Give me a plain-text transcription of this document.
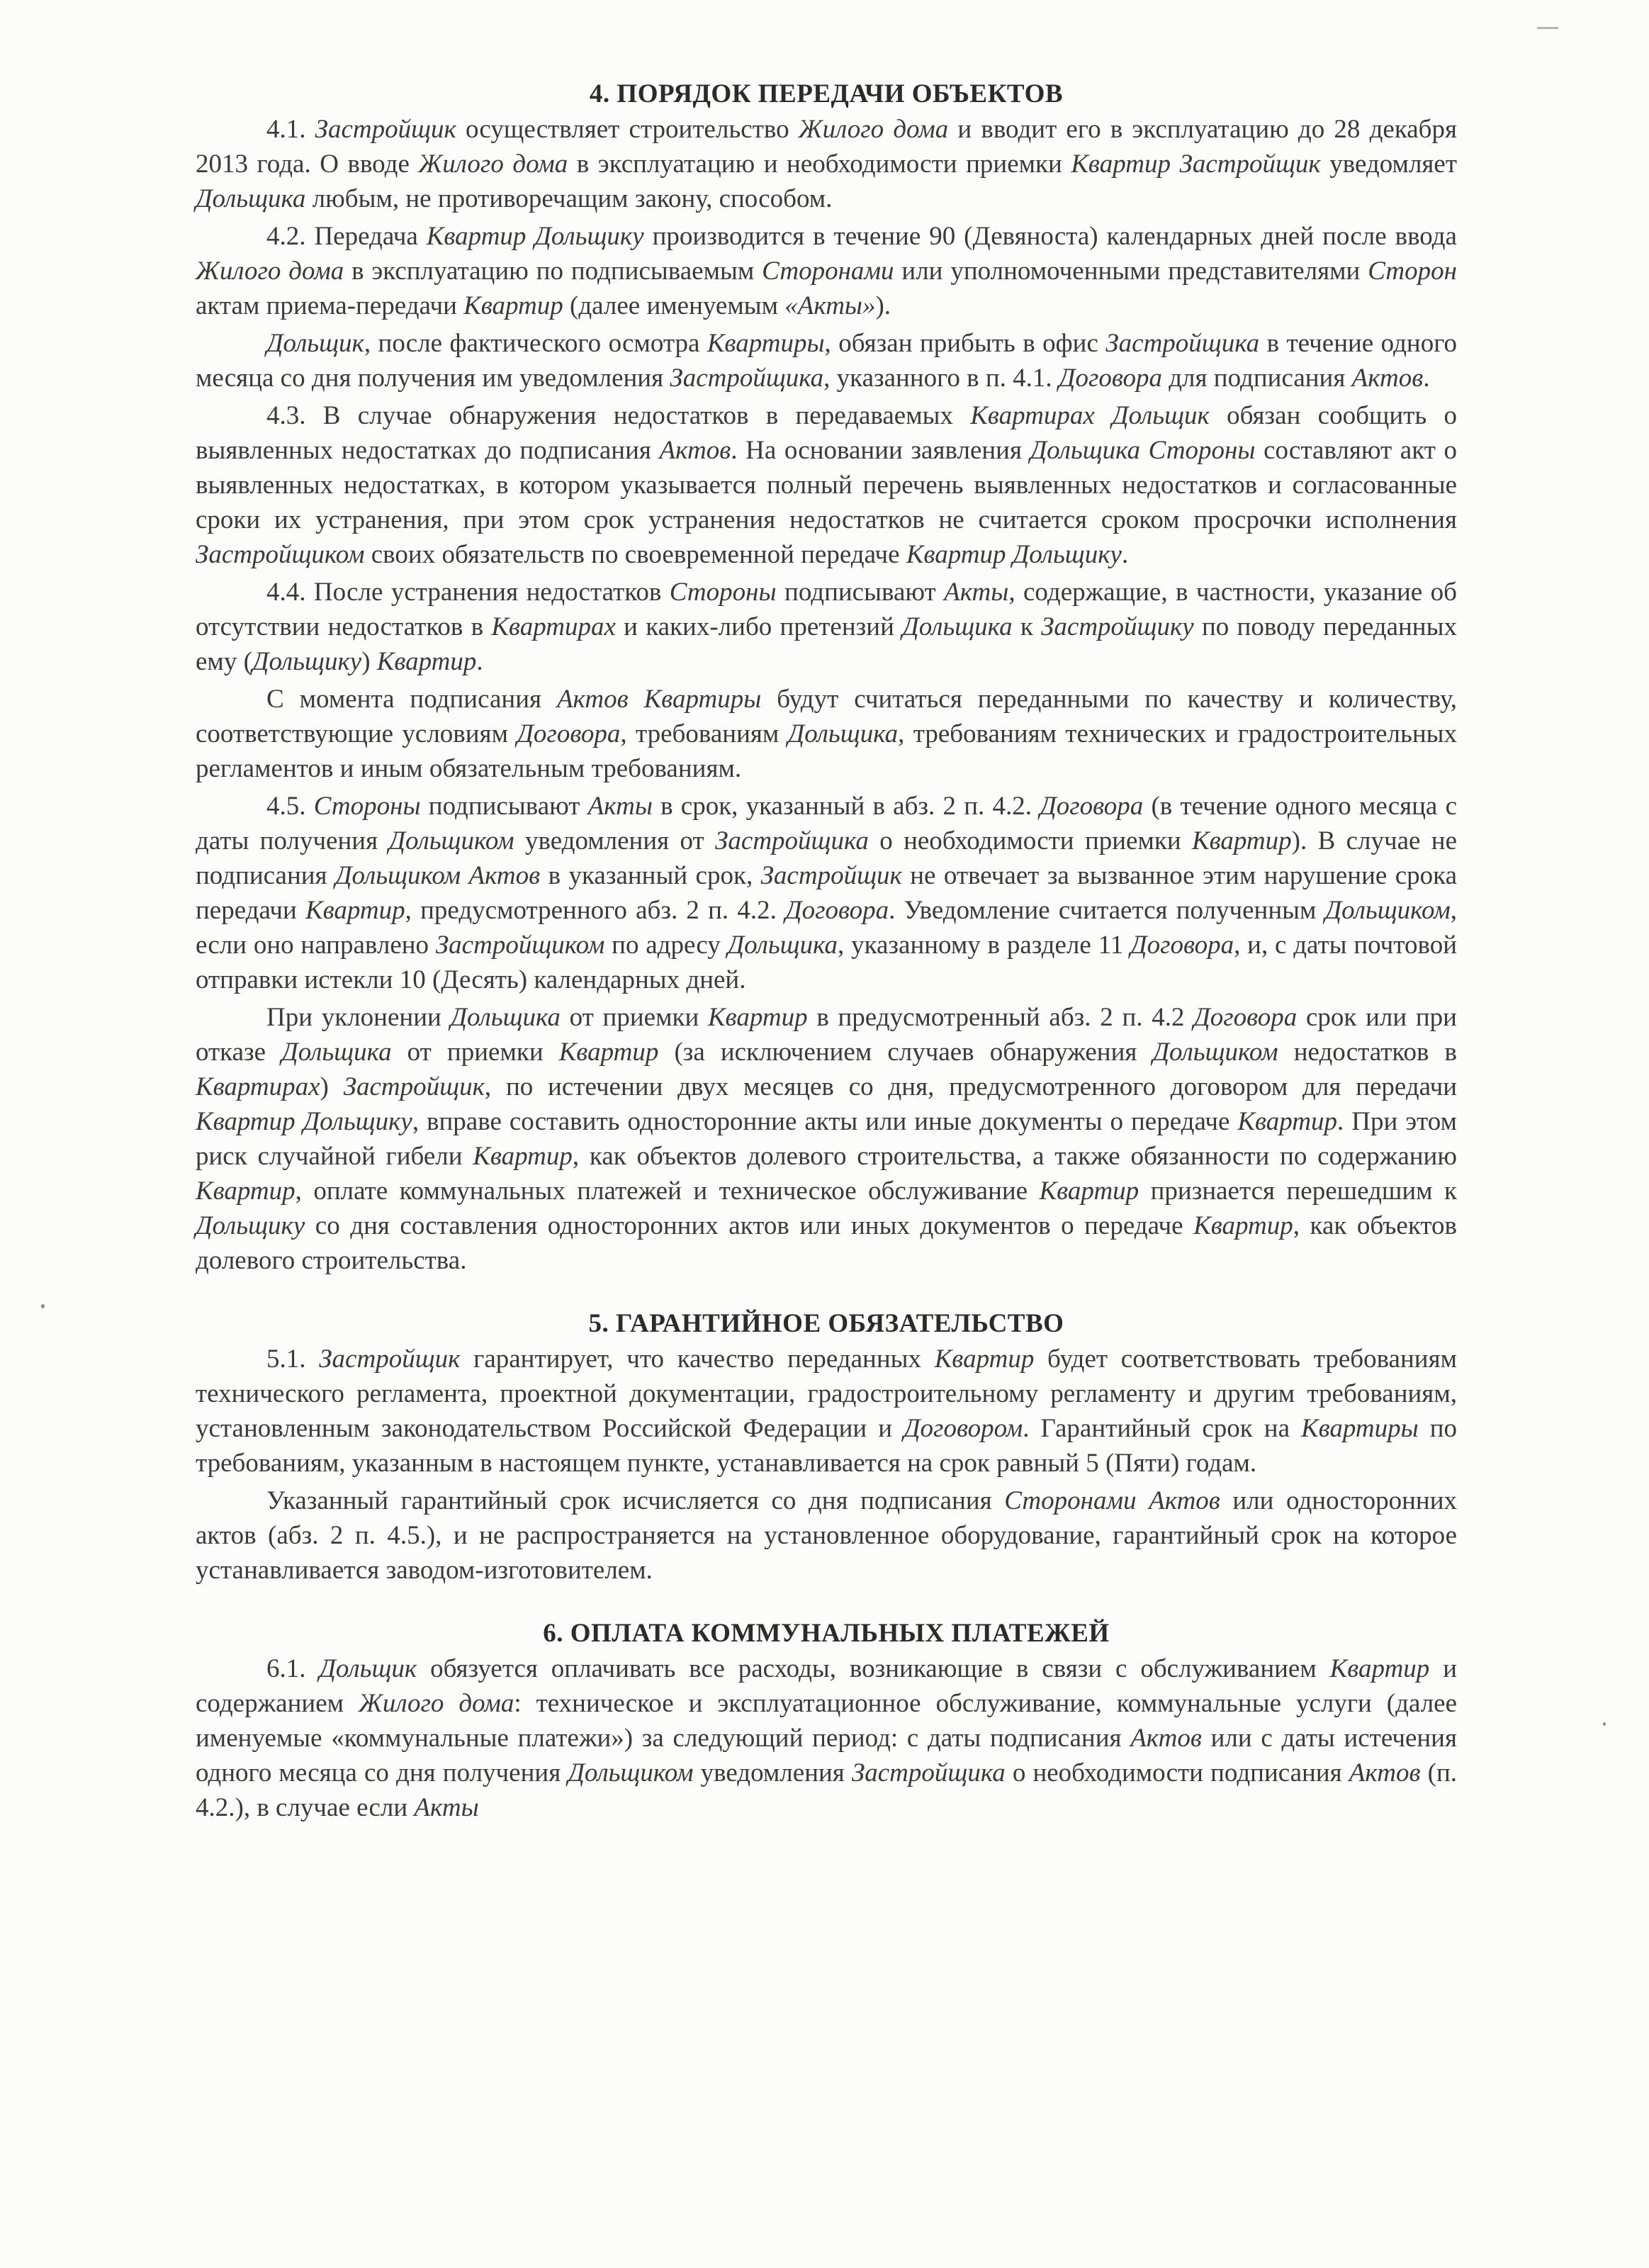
4. ПОРЯДОК ПЕРЕДАЧИ ОБЪЕКТОВ

4.1. Застройщик осуществляет строительство Жилого дома и вводит его в эксплуатацию до 28 декабря 2013 года. О вводе Жилого дома в эксплуатацию и необходимости приемки Квартир Застройщик уведомляет Дольщика любым, не противоречащим закону, способом.

4.2. Передача Квартир Дольщику производится в течение 90 (Девяноста) календарных дней после ввода Жилого дома в эксплуатацию по подписываемым Сторонами или уполномоченными представителями Сторон актам приема-передачи Квартир (далее именуемым «Акты»).

Дольщик, после фактического осмотра Квартиры, обязан прибыть в офис Застройщика в течение одного месяца со дня получения им уведомления Застройщика, указанного в п. 4.1. Договора для подписания Актов.

4.3. В случае обнаружения недостатков в передаваемых Квартирах Дольщик обязан сообщить о выявленных недостатках до подписания Актов. На основании заявления Дольщика Стороны составляют акт о выявленных недостатках, в котором указывается полный перечень выявленных недостатков и согласованные сроки их устранения, при этом срок устранения недостатков не считается сроком просрочки исполнения Застройщиком своих обязательств по своевременной передаче Квартир Дольщику.

4.4. После устранения недостатков Стороны подписывают Акты, содержащие, в частности, указание об отсутствии недостатков в Квартирах и каких-либо претензий Дольщика к Застройщику по поводу переданных ему (Дольщику) Квартир.

С момента подписания Актов Квартиры будут считаться переданными по качеству и количеству, соответствующие условиям Договора, требованиям Дольщика, требованиям технических и градостроительных регламентов и иным обязательным требованиям.

4.5. Стороны подписывают Акты в срок, указанный в абз. 2 п. 4.2. Договора (в течение одного месяца с даты получения Дольщиком уведомления от Застройщика о необходимости приемки Квартир). В случае не подписания Дольщиком Актов в указанный срок, Застройщик не отвечает за вызванное этим нарушение срока передачи Квартир, предусмотренного абз. 2 п. 4.2. Договора. Уведомление считается полученным Дольщиком, если оно направлено Застройщиком по адресу Дольщика, указанному в разделе 11 Договора, и, с даты почтовой отправки истекли 10 (Десять) календарных дней.

При уклонении Дольщика от приемки Квартир в предусмотренный абз. 2 п. 4.2 Договора срок или при отказе Дольщика от приемки Квартир (за исключением случаев обнаружения Дольщиком недостатков в Квартирах) Застройщик, по истечении двух месяцев со дня, предусмотренного договором для передачи Квартир Дольщику, вправе составить односторонние акты или иные документы о передаче Квартир. При этом риск случайной гибели Квартир, как объектов долевого строительства, а также обязанности по содержанию Квартир, оплате коммунальных платежей и техническое обслуживание Квартир признается перешедшим к Дольщику со дня составления односторонних актов или иных документов о передаче Квартир, как объектов долевого строительства.

5. ГАРАНТИЙНОЕ ОБЯЗАТЕЛЬСТВО

5.1. Застройщик гарантирует, что качество переданных Квартир будет соответствовать требованиям технического регламента, проектной документации, градостроительному регламенту и другим требованиям, установленным законодательством Российской Федерации и Договором. Гарантийный срок на Квартиры по требованиям, указанным в настоящем пункте, устанавливается на срок равный 5 (Пяти) годам.

Указанный гарантийный срок исчисляется со дня подписания Сторонами Актов или односторонних актов (абз. 2 п. 4.5.), и не распространяется на установленное оборудование, гарантийный срок на которое устанавливается заводом-изготовителем.

6. ОПЛАТА КОММУНАЛЬНЫХ ПЛАТЕЖЕЙ

6.1. Дольщик обязуется оплачивать все расходы, возникающие в связи с обслуживанием Квартир и содержанием Жилого дома: техническое и эксплуатационное обслуживание, коммунальные услуги (далее именуемые «коммунальные платежи») за следующий период: с даты подписания Актов или с даты истечения одного месяца со дня получения Дольщиком уведомления Застройщика о необходимости подписания Актов (п. 4.2.), в случае если Акты
